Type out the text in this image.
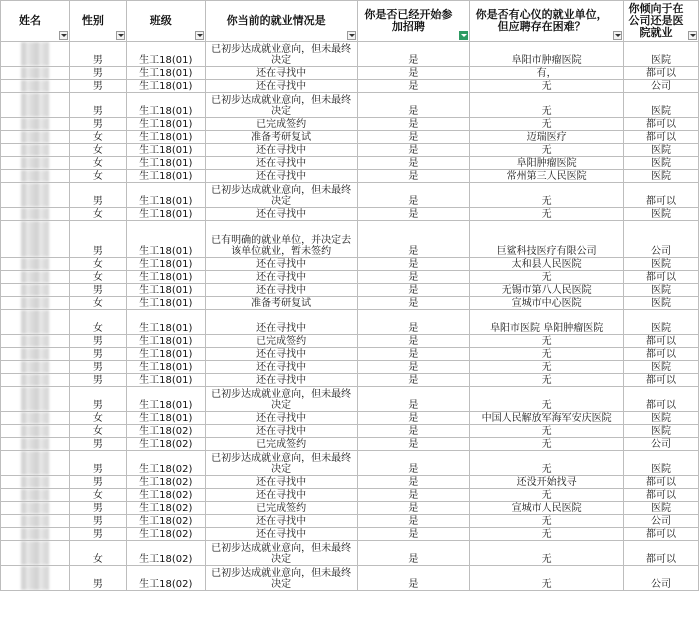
姓名	性别	班级	你当前的就业情况是	你是否已经开始参加招聘	你是否有心仪的就业单位，但应聘存在困难？	你倾向于在公司还是医院就业

	男	生工18(01)	已初步达成就业意向，但未最终决定	是	阜阳市肿瘤医院	医院

	男	生工18(01)	还在寻找中	是	有，	都可以

	男	生工18(01)	还在寻找中	是	无	公司

	男	生工18(01)	已初步达成就业意向，但未最终决定	是	无	医院

	男	生工18(01)	已完成签约	是	无	都可以

	女	生工18(01)	准备考研复试	是	迈瑞医疗	都可以

	女	生工18(01)	还在寻找中	是	无	医院

	女	生工18(01)	还在寻找中	是	阜阳肿瘤医院	医院

	女	生工18(01)	还在寻找中	是	常州第三人民医院	医院

	男	生工18(01)	已初步达成就业意向，但未最终决定	是	无	都可以

	女	生工18(01)	还在寻找中	是	无	医院

	男	生工18(01)	已有明确的就业单位，并决定去该单位就业，暂未签约	是	巨鲨科技医疗有限公司	公司

	女	生工18(01)	还在寻找中	是	太和县人民医院	医院

	女	生工18(01)	还在寻找中	是	无	都可以

	男	生工18(01)	还在寻找中	是	无锡市第八人民医院	医院

	女	生工18(01)	准备考研复试	是	宣城市中心医院	医院

	女	生工18(01)	还在寻找中	是	阜阳市医院 阜阳肿瘤医院	医院

	男	生工18(01)	已完成签约	是	无	都可以

	男	生工18(01)	还在寻找中	是	无	都可以

	男	生工18(01)	还在寻找中	是	无	医院

	男	生工18(01)	还在寻找中	是	无	都可以

	男	生工18(01)	已初步达成就业意向，但未最终决定	是	无	都可以

	女	生工18(01)	还在寻找中	是	中国人民解放军海军安庆医院	医院

	女	生工18(02)	还在寻找中	是	无	医院

	男	生工18(02)	已完成签约	是	无	公司

	男	生工18(02)	已初步达成就业意向，但未最终决定	是	无	医院

	男	生工18(02)	还在寻找中	是	还没开始找寻	都可以

	女	生工18(02)	还在寻找中	是	无	都可以

	男	生工18(02)	已完成签约	是	宣城市人民医院	医院

	男	生工18(02)	还在寻找中	是	无	公司

	男	生工18(02)	还在寻找中	是	无	都可以

	女	生工18(02)	已初步达成就业意向，但未最终决定	是	无	都可以

	男	生工18(02)	已初步达成就业意向，但未最终决定	是	无	公司
